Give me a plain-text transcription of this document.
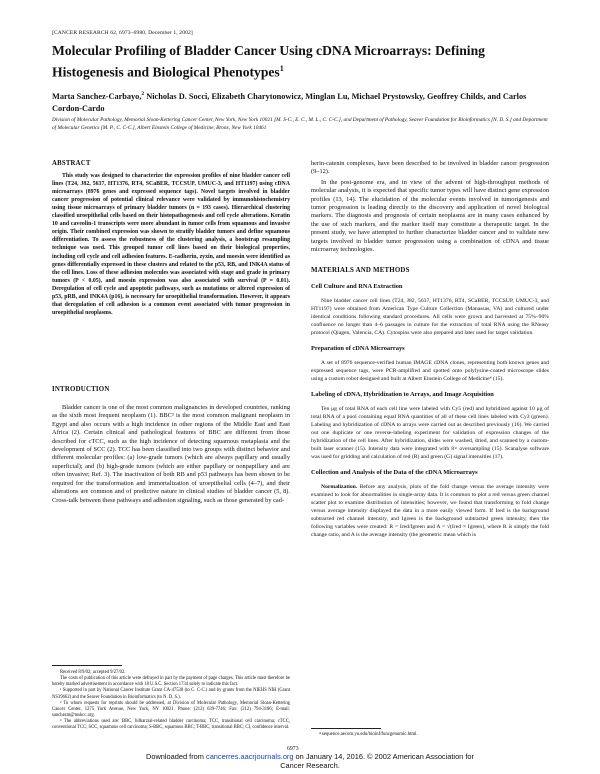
[CANCER RESEARCH 62, 6973–6980, December 1, 2002]
Molecular Profiling of Bladder Cancer Using cDNA Microarrays: Defining Histogenesis and Biological Phenotypes$^1$
Marta Sanchez-Carbayo,$^2$ Nicholas D. Socci, Elizabeth Charytonowicz, Minglan Lu, Michael Prystowsky, Geoffrey Childs, and Carlos Cordon-Cardo
Division of Molecular Pathology, Memorial Sloan-Kettering Cancer Center, New York, New York 10021 [M. S-C., E. C., M. L., C. C-C.], and Department of Pathology, Seaver Foundation for Bioinformatics [N. D. S.] and Department of Molecular Genetics [M. P., C. C-C.], Albert Einstein College of Medicine, Bronx, New York 10461
ABSTRACT

This study was designed to characterize the expression profiles of nine bladder cancer cell lines (T24, J82, 5637, HT1376, RT4, SCaBER, TCCSUP, UMUC-3, and HT1197) using cDNA microarrays (8976 genes and expressed sequence tags). Novel targets involved in bladder cancer progression of potential clinical relevance were validated by immunohistochemistry using tissue microarrays of primary bladder tumors (n = 193 cases). Hierarchical clustering classified uroepithelial cells based on their histopathogenesis and cell cycle alterations. Keratin 10 and caveolin-1 transcripts were more abundant in tumor cells from squamous and invasive origin. Their combined expression was shown to stratify bladder tumors and define squamous differentiation. To assess the robustness of the clustering analysis, a bootstrap resampling technique was used. This grouped tumor cell lines based on their biological properties, including cell cycle and cell adhesion features. E-cadherin, zyxin, and moesin were identified as genes differentially expressed in these clusters and related to the p53, RB, and INK4A status of the cell lines. Loss of these adhesion molecules was associated with stage and grade in primary tumors (P < 0.05), and moesin expression was also associated with survival (P = 0.01). Deregulation of cell cycle and apoptotic pathways, such as mutations or altered expression of p53, pRB, and INK4A (p16), is necessary for uroepithelial transformation. However, it appears that deregulation of cell adhesion is a common event associated with tumor progression in uroepithelial neoplasms.

INTRODUCTION

Bladder cancer is one of the most common malignancies in developed countries, ranking as the sixth most frequent neoplasm (1). BBC³ is the most common malignant neoplasm in Egypt and also occurs with a high incidence in other regions of the Middle East and East Africa (2). Certain clinical and pathological features of BBC are different from those described for cTCC, such as the high incidence of detecting squamous metaplasia and the development of SCC (2). TCC has been classified into two groups with distinct behavior and different molecular profiles: (a) low-grade tumors (which are always papillary and usually superficial); and (b) high-grade tumors (which are either papillary or nonpapillary and are often invasive; Ref. 3). The inactivation of both RB and p53 pathways has been shown to be required for the transformation and immortalization of uroepithelial cells (4–7), and their alterations are common and of predictive nature in clinical studies of bladder cancer (5, 8). Cross-talk between these pathways and adhesion signaling, such as those generated by cad-

Received 8/9/02; accepted 9/27/02.

The costs of publication of this article were defrayed in part by the payment of page charges. This article must therefore be hereby marked advertisement in accordance with 18 U.S.C. Section 1734 solely to indicate this fact.

¹ Supported in part by National Cancer Institute Grant CA-47538 (to C. C-C.) and by grants from the NIEHS NIH (Grant NS39662) and the Seaver Foundation in Bioinformatics (to N. D. S.).

² To whom requests for reprints should be addressed, at Division of Molecular Pathology, Memorial Sloan-Kettering Cancer Center, 1275 York Avenue, New York, NY 10021. Phone: (212) 639-7746; Fax: (212) 794-3186; E-mail: sanchezm@mskcc.org.

³ The abbreviations used are: BBC, bilharzial-related bladder carcinoma; TCC, transitional cell carcinoma; cTCC, conventional TCC; SCC, squamous cell carcinoma; S-BBC, squamous BBC; T-BBC, transitional BBC; CI, confidence interval.

herin-catenin complexes, have been described to be involved in bladder cancer progression (9–12).

In the post-genome era, and in view of the advent of high-throughput methods of molecular analysis, it is expected that specific tumor types will have distinct gene expression profiles (13, 14). The elucidation of the molecular events involved in tumorigenesis and tumor progression is leading directly to the discovery and application of novel biological markers. The diagnosis and prognosis of certain neoplasms are in many cases enhanced by the use of such markers, and the marker itself may constitute a therapeutic target. In the present study, we have attempted to further characterize bladder cancer and to validate new targets involved in bladder tumor progression using a combination of cDNA and tissue microarray technologies.

MATERIALS AND METHODS
Cell Culture and RNA Extraction

Nine bladder cancer cell lines (T24, J82, 5637, HT1376, RT4, SCaBER, TCCSUP, UMUC-3, and HT1197) were obtained from American Type Culture Collection (Manassas, VA) and cultured under identical conditions following standard procedures. All cells were grown and harvested at 75%–90% confluence no longer than 4–6 passages in culture for the extraction of total RNA using the RNeasy protocol (Qiagen, Valencia, CA). Cytospins were also prepared and later used for target validation.

Preparation of cDNA Microarrays

A set of 8976 sequence-verified human IMAGE cDNA clones, representing both known genes and expressed sequence tags, were PCR-amplified and spotted onto polylysine-coated microscope slides using a custom robot designed and built at Albert Einstein College of Medicine⁴ (15).

Labeling of cDNA, Hybridization to Arrays, and Image Acquisition

Ten μg of total RNA of each cell line were labeled with Cy5 (red) and hybridized against 10 μg of total RNA of a pool containing equal RNA quantities of all of these cell lines labeled with Cy3 (green). Labeling and hybridization of cDNA to arrays were carried out as described previously (16). We carried out one duplicate or one reverse-labeling experiment for validation of expression changes of the hybridization of the cell lines. After hybridization, slides were washed, dried, and scanned by a custom-built laser scanner (15). Intensity data were integrated with 8× oversampling (15). Scanalyse software was used for gridding and calculation of red (R) and green (G) signal intensities (17).

Collection and Analysis of the Data of the cDNA Microarrays

Normalization. Before any analysis, plots of the fold change versus the average intensity were examined to look for abnormalities in single-array data. It is common to plot a red versus green channel scatter plot to examine distribution of intensities; however, we found that transforming to fold change versus average intensity displayed the data in a more easily viewed form. If Ired is the background subtracted red channel intensity, and Igreen is the background subtracted green intensity, then the following variables were created: R = Ired/Igreen and A = √(Ired × Igreen), where R is simply the fold change ratio, and A is the average intensity (the geometric mean which is

⁴ sequence.aecom.yu.edu/bioinf/funcgenomic.html.
6973
Downloaded from cancerres.aacrjournals.org on January 14, 2016. © 2002 American Association for Cancer Research.
